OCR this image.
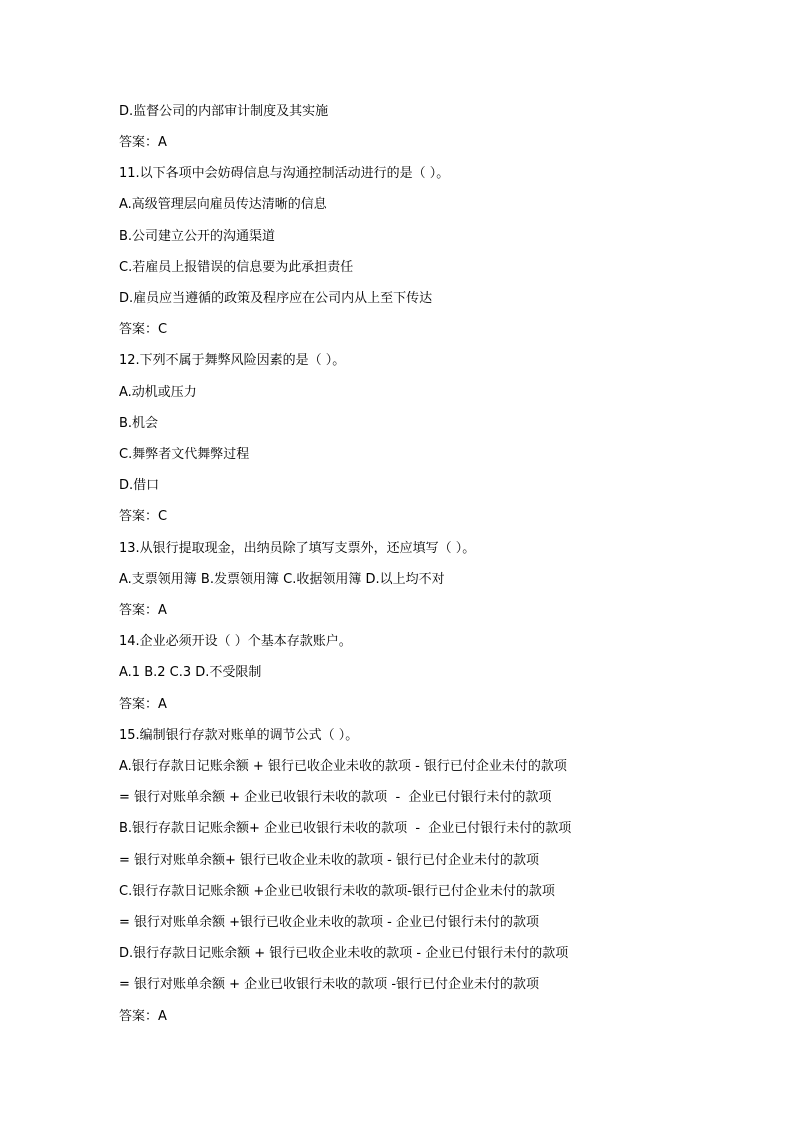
D.监督公司的内部审计制度及其实施
答案：A
11.以下各项中会妨碍信息与沟通控制活动进行的是（ ）。
A.高级管理层向雇员传达清晰的信息
B.公司建立公开的沟通渠道
C.若雇员上报错误的信息要为此承担责任
D.雇员应当遵循的政策及程序应在公司内从上至下传达
答案：C
12.下列不属于舞弊风险因素的是（ ）。
A.动机或压力
B.机会
C.舞弊者文代舞弊过程
D.借口
答案：C
13.从银行提取现金，出纳员除了填写支票外，还应填写（ ）。
A.支票领用簿 B.发票领用簿 C.收据领用簿 D.以上均不对
答案：A
14.企业必须开设（ ）个基本存款账户。
A.1 B.2 C.3 D.不受限制
答案：A
15.编制银行存款对账单的调节公式（ ）。
A.银行存款日记账余额 + 银行已收企业未收的款项 - 银行已付企业未付的款项
= 银行对账单余额 + 企业已收银行未收的款项  -  企业已付银行未付的款项
B.银行存款日记账余额+ 企业已收银行未收的款项  -  企业已付银行未付的款项
= 银行对账单余额+ 银行已收企业未收的款项 - 银行已付企业未付的款项
C.银行存款日记账余额 +企业已收银行未收的款项-银行已付企业未付的款项
= 银行对账单余额 +银行已收企业未收的款项 - 企业已付银行未付的款项
D.银行存款日记账余额 + 银行已收企业未收的款项 - 企业已付银行未付的款项
= 银行对账单余额 + 企业已收银行未收的款项 -银行已付企业未付的款项
答案：A
